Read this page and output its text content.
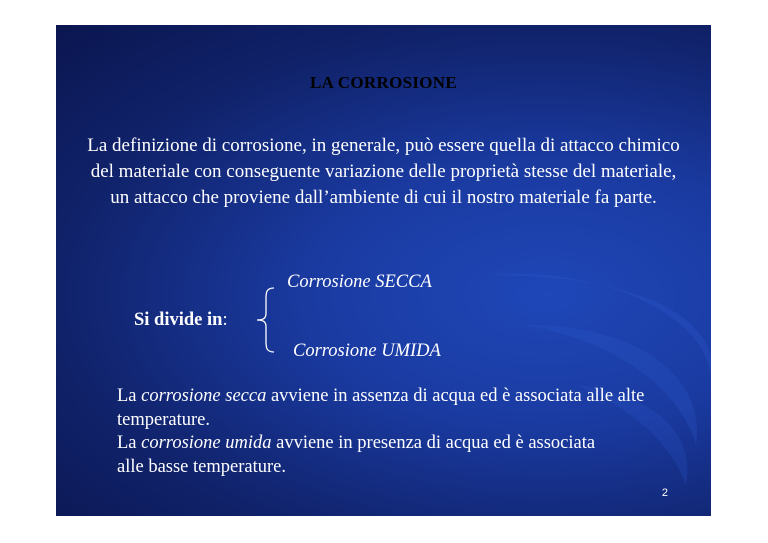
LA CORROSIONE
La definizione di corrosione, in generale, può essere quella di attacco chimico del materiale con conseguente variazione delle proprietà stesse del materiale, un attacco che proviene dall’ambiente di cui il nostro materiale fa parte.
Corrosione SECCA
Si divide in:
Corrosione UMIDA

La corrosione secca avviene in assenza di acqua ed è associata alle alte
temperature.

La corrosione umida avviene in presenza di acqua ed è associata
alle basse temperature.

2
